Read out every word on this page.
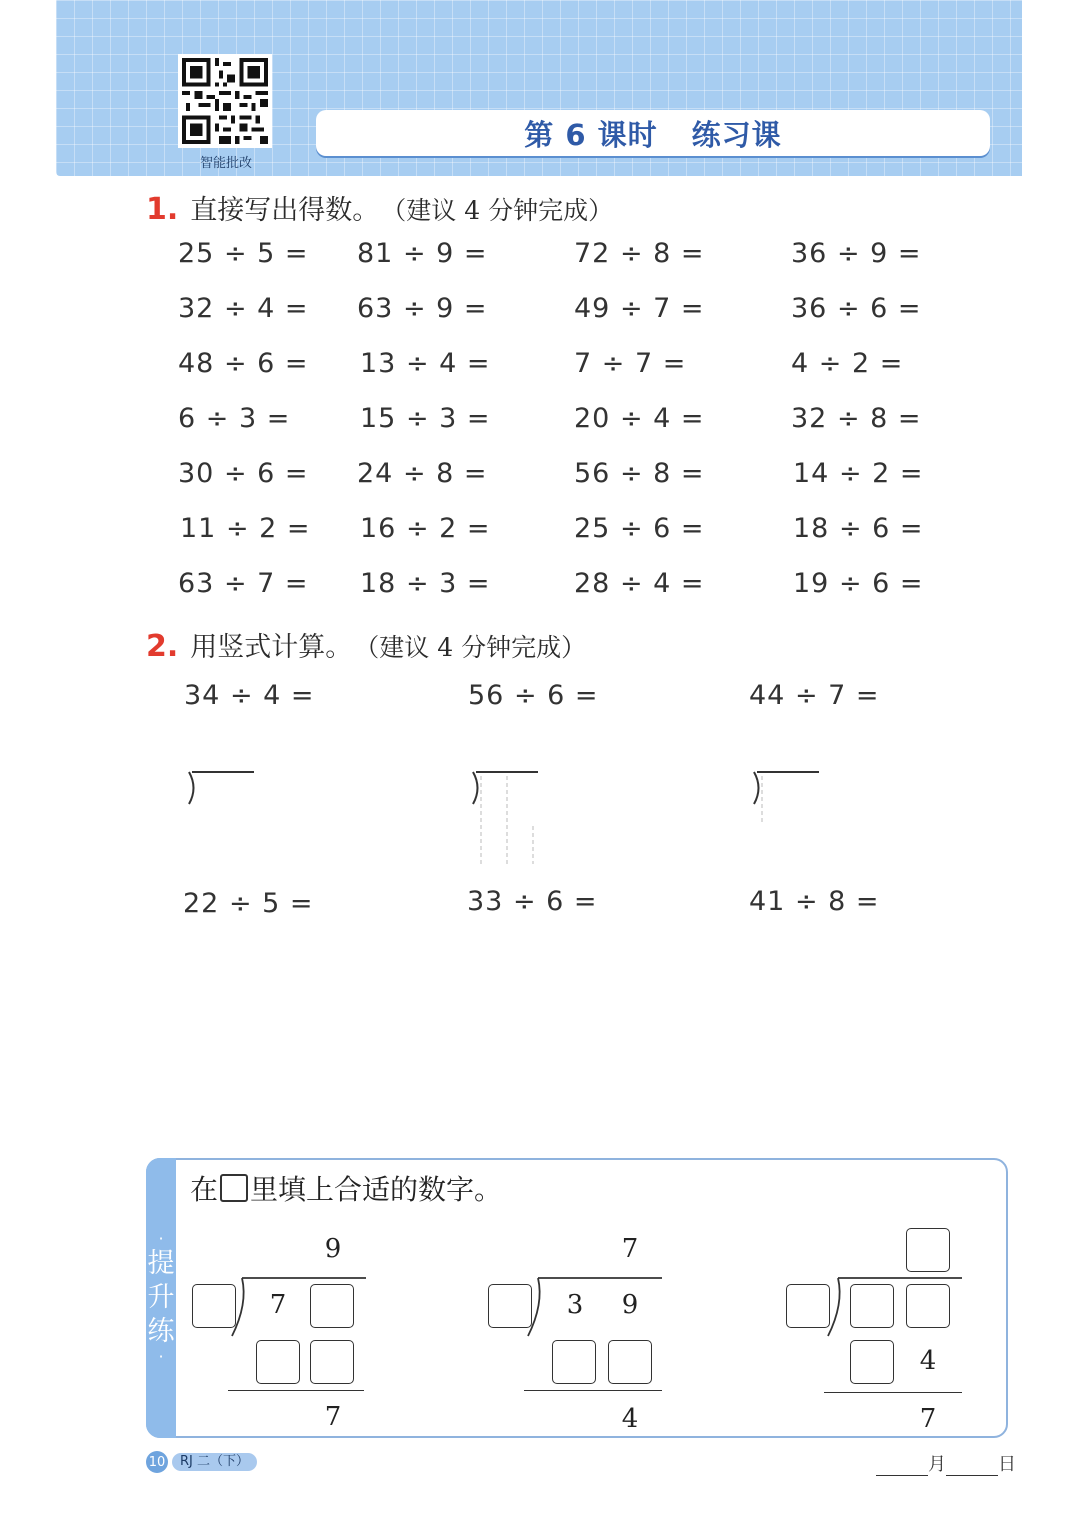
智能批改
第 6 课时 练习课
1. 直接写出得数。 （建议 4 分钟完成）
25 ÷ 5 = 81 ÷ 9 =	72 ÷ 8 =	36 ÷ 9 =
32 ÷ 4 = 63 ÷ 9 =	49 ÷ 7 =	36 ÷ 6 =
48 ÷ 6 = 13 ÷ 4 =	7 ÷ 7 =	4 ÷ 2 =
6 ÷ 3 =	15 ÷ 3 =	20 ÷ 4 =	32 ÷ 8 =
30 ÷ 6 = 24 ÷ 8 =	56 ÷ 8 =	14 ÷ 2 =
11 ÷ 2 = 16 ÷ 2 =	25 ÷ 6 =	18 ÷ 6 =
63 ÷ 7 = 18 ÷ 3 =	28 ÷ 4 =	19 ÷ 6 =
2. 用竖式计算。 （建议 4 分钟完成）
34 ÷ 4 =	56 ÷ 6 =	44 ÷ 7 =
22 ÷ 5 =	33 ÷ 6 =	41 ÷ 8 =
·
提
升
练
·
在 里填上合适的数字。
9
7
7
7
3	9
4
4
7
10	RJ 二（下）	月	日
